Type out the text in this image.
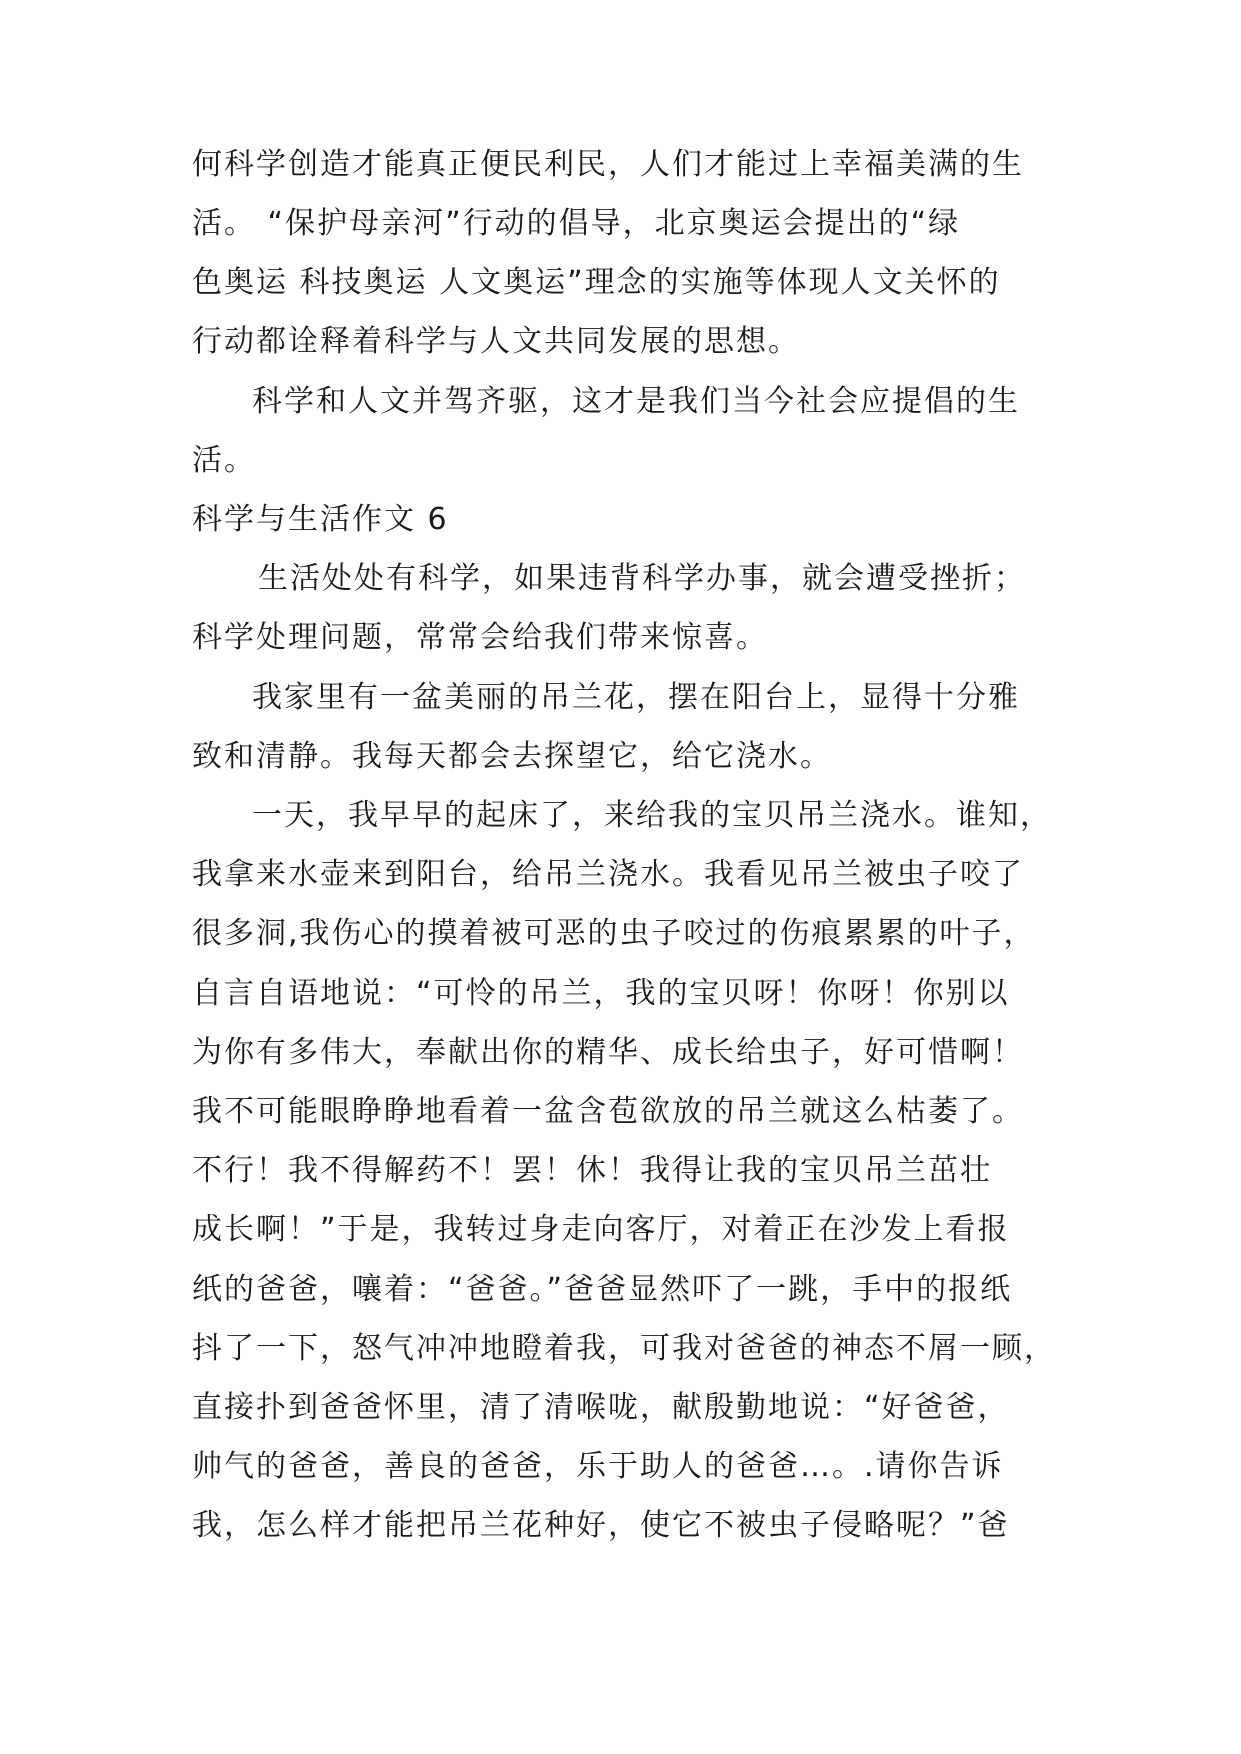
何科学创造才能真正便民利民，人们才能过上幸福美满的生
活。 “保护母亲河”行动的倡导，北京奥运会提出的“绿
色奥运 科技奥运 人文奥运”理念的实施等体现人文关怀的
行动都诠释着科学与人文共同发展的思想。
科学和人文并驾齐驱，这才是我们当今社会应提倡的生
活。
科学与生活作文 6
生活处处有科学，如果违背科学办事，就会遭受挫折；
科学处理问题，常常会给我们带来惊喜。
我家里有一盆美丽的吊兰花，摆在阳台上，显得十分雅
致和清静。我每天都会去探望它，给它浇水。
一天，我早早的起床了，来给我的宝贝吊兰浇水。谁知，
我拿来水壶来到阳台，给吊兰浇水。我看见吊兰被虫子咬了
很多洞,我伤心的摸着被可恶的虫子咬过的伤痕累累的叶子，
自言自语地说：“可怜的吊兰，我的宝贝呀！你呀！你别以
为你有多伟大，奉献出你的精华、成长给虫子，好可惜啊！
我不可能眼睁睁地看着一盆含苞欲放的吊兰就这么枯萎了。
不行！我不得解药不！罢！休！我得让我的宝贝吊兰茁壮
成长啊！”于是，我转过身走向客厅，对着正在沙发上看报
纸的爸爸，嚷着：“爸爸。”爸爸显然吓了一跳，手中的报纸
抖了一下，怒气冲冲地瞪着我，可我对爸爸的神态不屑一顾，
直接扑到爸爸怀里，清了清喉咙，献殷勤地说：“好爸爸，
帅气的爸爸，善良的爸爸，乐于助人的爸爸…。.请你告诉
我，怎么样才能把吊兰花种好，使它不被虫子侵略呢？”爸
